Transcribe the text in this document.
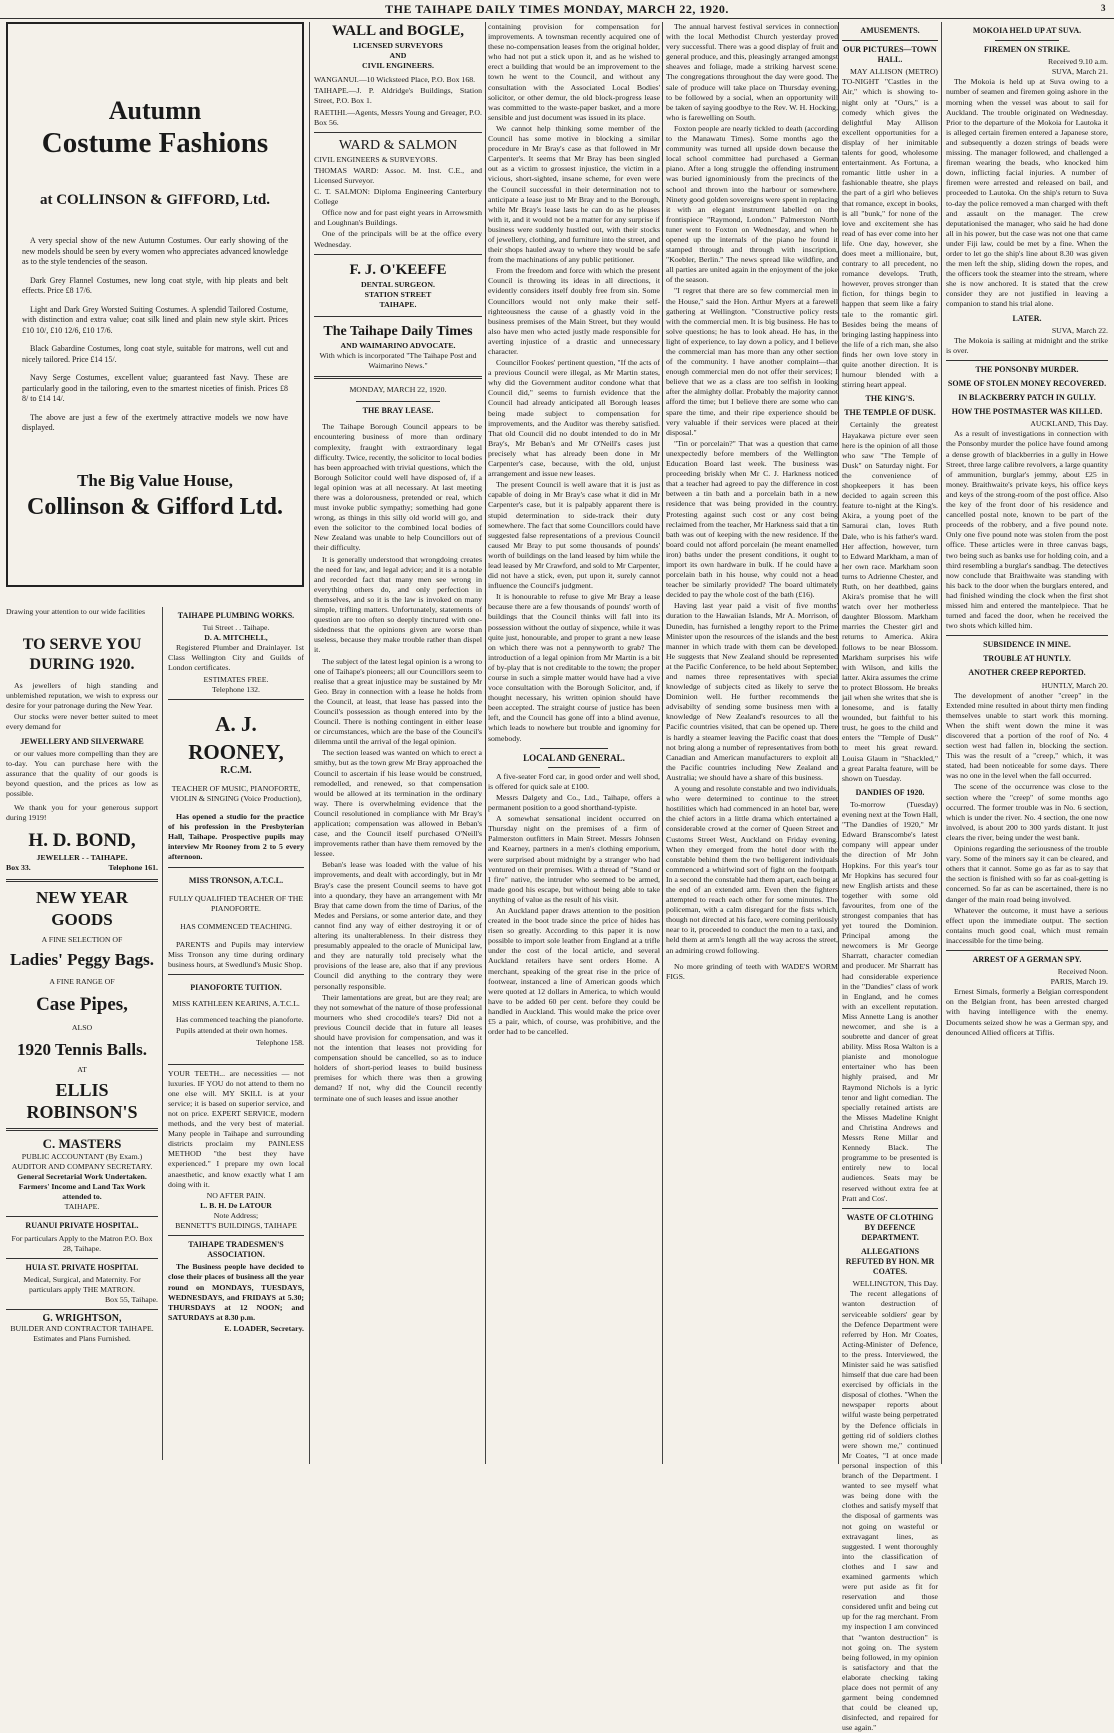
THE TAIHAPE DAILY TIMES MONDAY, MARCH 22, 1920.	3
Autumn
Costume Fashions
at COLLINSON & GIFFORD, Ltd.

A very special show of the new Autumn Costumes. Our early showing of the new models should be seen by every women who appreciates advanced knowledge as to the style tendencies of the season.

Dark Grey Flannel Costumes, new long coat style, with hip pleats and belt effects. Price £8 17/6.

Light and Dark Grey Worsted Suiting Costumes. A splendid Tailored Costume, with distinction and extra value; coat silk lined and plain new style skirt. Prices £10 10/, £10 12/6, £10 17/6.

Black Gabardine Costumes, long coat style, suitable for matrons, well cut and nicely tailored. Price £14 15/.

Navy Serge Costumes, excellent value; guaranteed fast Navy. These are particularly good in the tailoring, even to the smartest niceties of finish. Prices £8 8/ to £14 14/.

The above are just a few of the exertmely attractive models we now have displayed.

The Big Value House,
Collinson & Gifford Ltd.

Drawing your attention to our wide facilities

TO SERVE YOU
DURING 1920.

As jewellers of high standing and unblemished reputation, we wish to express our desire for your patronage during the New Year.

Our stocks were never better suited to meet every demand for

JEWELLERY AND SILVERWARE

or our values more compelling than they are to-day. You can purchase here with the assurance that the quality of our goods is beyond question, and the prices as low as possible.

We thank you for your generous support during 1919!

H. D. BOND,
JEWELLER - - TAIHAPE.
Box 33.	Telephone 161.
NEW YEAR GOODS
A FINE SELECTION OF
Ladies' Peggy Bags.
A FINE RANGE OF
Case Pipes,
ALSO
1920 Tennis Balls.
AT
ELLIS ROBINSON'S
C. MASTERS
PUBLIC ACCOUNTANT (By Exam.) AUDITOR AND COMPANY SECRETARY.
General Secretarial Work Undertaken. Farmers' Income and Land Tax Work attended to.
TAIHAPE.
RUANUI PRIVATE HOSPITAL.
For particulars Apply to the Matron P.O. Box 28, Taihape.
HUIA ST. PRIVATE HOSPITAL
Medical, Surgical, and Maternity. For particulars apply THE MATRON.
Box 55, Taihape.
G. WRIGHTSON,
BUILDER AND CONTRACTOR TAIHAPE.
Estimates and Plans Furnished.
TAIHAPE PLUMBING WORKS.
Tui Street . . Taihape.
D. A. MITCHELL,

Registered Plumber and Drainlayer. 1st Class Wellington City and Guilds of London certificates.

ESTIMATES FREE.
Telephone 132.
A. J. ROONEY,
R.C.M.
TEACHER OF MUSIC, PIANOFORTE, VIOLIN & SINGING (Voice Production),

Has opened a studio for the practice of his profession in the Presbyterian Hall, Taihape. Prospective pupils may interview Mr Rooney from 2 to 5 every afternoon.

MISS TRONSON, A.T.C.L.
FULLY QUALIFIED TEACHER OF THE PIANOFORTE.
HAS COMMENCED TEACHING.

PARENTS and Pupils may interview Miss Tronson any time during ordinary business hours, at Swedlund's Music Shop.

PIANOFORTE TUITION.
MISS KATHLEEN KEARINS, A.T.C.L.

Has commenced teaching the pianoforte.

Pupils attended at their own homes.

Telephone 158.

YOUR TEETH... are necessities — not luxuries. IF YOU do not attend to them no one else will. MY SKILL is at your service; it is based on superior service, and not on price. EXPERT SERVICE, modern methods, and the very best of material. Many people in Taihape and surrounding districts proclaim my PAINLESS METHOD "the best they have experienced." I prepare my own local anaesthetic, and know exactly what I am doing with it.

NO AFTER PAIN.
L. B. H. De LATOUR
Note Address;
BENNETT'S BUILDINGS, TAIHAPE
TAIHAPE TRADESMEN'S ASSOCIATION.

The Business people have decided to close their places of business all the year round on MONDAYS, TUESDAYS, WEDNESDAYS, and FRIDAYS at 5.30; THURSDAYS at 12 NOON; and SATURDAYS at 8.30 p.m.

E. LOADER, Secretary.
WALL and BOGLE,
LICENSED SURVEYORS
AND
CIVIL ENGINEERS.

WANGANUI.—10 Wicksteed Place, P.O. Box 168.

TAIHAPE.—J. P. Aldridge's Buildings, Station Street, P.O. Box 1.

RAETIHI.—Agents, Messrs Young and Greager, P.O. Box 56.

WARD & SALMON

CIVIL ENGINEERS & SURVEYORS.

THOMAS WARD: Assoc. M. Inst. C.E., and Licensed Surveyor.

C. T. SALMON: Diploma Engineering Canterbury College

Office now and for past eight years in Arrowsmith and Loughnan's Buildings.

One of the principals will be at the office every Wednesday.

F. J. O'KEEFE
DENTAL SURGEON.
STATION STREET
TAIHAPE.
The Taihape Daily Times
AND WAIMARINO ADVOCATE.
With which is incorporated "The Taihape Post and Waimarino News."
MONDAY, MARCH 22, 1920.
THE BRAY LEASE.

The Taihape Borough Council appears to be encountering business of more than ordinary complexity, fraught with extraordinary legal difficulty. Twice, recently, the solicitor to local bodies has been approached with trivial questions, which the Borough Solicitor could well have disposed of, if a legal opinion was at all necessary. At last meeting there was a dolorousness, pretended or real, which must invoke public sympathy; something had gone wrong, as things in this silly old world will go, and even the solicitor to the combined local bodies of New Zealand was unable to help Councillors out of their difficulty.

It is generally understood that wrongdoing creates the need for law, and legal advice; and it is a notable and recorded fact that many men see wrong in everything others do, and only perfection in themselves, and so it is the law is invoked on many simple, trifling matters. Unfortunately, statements of question are too often so deeply tinctured with one-sidedness that the opinions given are worse than useless, because they make trouble rather than dispel it.

The subject of the latest legal opinion is a wrong to one of Taihape's pioneers; all our Councillors seem to realise that a great injustice may be sustained by Mr Geo. Bray in connection with a lease he holds from the Council, at least, that lease has passed into the Council's possession as though entered into by the Council. There is nothing contingent in either lease or circumstances, which are the base of the Council's dilemma until the arrival of the legal opinion.

The section leased was wanted on which to erect a smithy, but as the town grew Mr Bray approached the Council to ascertain if his lease would be construed, remodelled, and renewed, so that compensation would be allowed at its termination in the ordinary way. There is overwhelming evidence that the Council resolutioned in compliance with Mr Bray's application; compensation was allowed in Beban's case, and the Council itself purchased O'Neill's improvements rather than have them removed by the lessee.

Beban's lease was loaded with the value of his improvements, and dealt with accordingly, but in Mr Bray's case the present Council seems to have got into a quondary, they have an arrangement with Mr Bray that came down from the time of Darius, of the Medes and Persians, or some anterior date, and they cannot find any way of either destroying it or of altering its unalterableness. In their distress they presumably appealed to the oracle of Municipal law, and they are naturally told precisely what the provisions of the lease are, also that if any previous Council did anything to the contrary they were personally responsible.

Their lamentations are great, but are they real; are they not somewhat of the nature of those professional mourners who shed crocodile's tears? Did not a previous Council decide that in future all leases should have provision for compensation, and was it not the intention that leases not providing for compensation should be cancelled, so as to induce holders of short-period leases to build business premises for which there was then a growing demand? If not, why did the Council recently terminate one of such leases and issue another

containing provision for compensation for improvements. A townsman recently acquired one of these no-compensation leases from the original holder, who had not put a stick upon it, and as he wished to erect a building that would be an improvement to the town he went to the Council, and without any consultation with the Associated Local Bodies' solicitor, or other demur, the old block-progress lease was committed to the waste-paper basket, and a more sensible and just document was issued in its place.

We cannot help thinking some member of the Council has some motive in blocking a similar procedure in Mr Bray's case as that followed in Mr Carpenter's. It seems that Mr Bray has been singled out as a victim to grossest injustice, the victim in a vicious, short-sighted, insane scheme, for even were the Council successful in their determination not to anticipate a lease just to Mr Bray and to the Borough, while Mr Bray's lease lasts he can do as he pleases with it, and it would not be a matter for any surprise if business were suddenly hustled out, with their stocks of jewellery, clothing, and furniture into the street, and their shops hauled away to where they would be safe from the machinations of any public petitioner.

From the freedom and force with which the present Council is throwing its ideas in all directions, it evidently considers itself doubly free from sin. Some Councillors would not only make their self-righteousness the cause of a ghastly void in the business premises of the Main Street, but they would also have men who acted justly made responsible for averting injustice of a drastic and unnecessary character.

Councillor Fookes' pertinent question, "If the acts of a previous Council were illegal, as Mr Martin states, why did the Government auditor condone what that Council did," seems to furnish evidence that the Council had already anticipated all Borough leases being made subject to compensation for improvements, and the Auditor was thereby satisfied. That old Council did no doubt intended to do in Mr Bray's, Mr Beban's and Mr O'Neill's cases just precisely what has already been done in Mr Carpenter's case, because, with the old, unjust arrangement and issue new leases.

The present Council is well aware that it is just as capable of doing in Mr Bray's case what it did in Mr Carpenter's case, but it is palpably apparent there is stupid determination to side-track their duty somewhere. The fact that some Councillors could have suggested false representations of a previous Council caused Mr Bray to put some thousands of pounds' worth of buildings on the land leased by him while the lead leased by Mr Crawford, and sold to Mr Carpenter, did not have a stick, even, put upon it, surely cannot influence the Council's judgment.

It is honourable to refuse to give Mr Bray a lease because there are a few thousands of pounds' worth of buildings that the Council thinks will fall into its possession without the outlay of sixpence, while it was quite just, honourable, and proper to grant a new lease on which there was not a pennyworth to grab? The introduction of a legal opinion from Mr Martin is a bit of by-play that is not creditable to the town; the proper course in such a simple matter would have had a vive voce consultation with the Borough Solicitor, and, if thought necessary, his written opinion should have been accepted. The straight course of justice has been left, and the Council has gone off into a blind avenue, which leads to nowhere but trouble and ignominy for somebody.

LOCAL AND GENERAL.

A five-seater Ford car, in good order and well shod, is offered for quick sale at £100.

Messrs Dalgety and Co., Ltd., Taihape, offers a permanent position to a good shorthand-typiste.

A somewhat sensational incident occurred on Thursday night on the premises of a firm of Palmerston outfitters in Main Street. Messrs Johnsen and Kearney, partners in a men's clothing emporium, were surprised about midnight by a stranger who had ventured on their premises. With a thread of "Stand or I fire" native, the intruder who seemed to be armed, made good his escape, but without being able to take anything of value as the result of his visit.

An Auckland paper draws attention to the position created in the boot trade since the price of hides has risen so greatly. According to this paper it is now possible to import sole leather from England at a trifle under the cost of the local article, and several Auckland retailers have sent orders Home. A merchant, speaking of the great rise in the price of footwear, instanced a line of American goods which were quoted at 12 dollars in America, to which would have to be added 60 per cent. before they could be handled in Auckland. This would make the price over £5 a pair, which, of course, was prohibitive, and the order had to be cancelled.

The annual harvest festival services in connection with the local Methodist Church yesterday proved very successful. There was a good display of fruit and general produce, and this, pleasingly arranged amongst sheaves and foliage, made a striking harvest scene. The congregations throughout the day were good. The sale of produce will take place on Thursday evening, to be followed by a social, when an opportunity will be taken of saying goodbye to the Rev. W. H. Hocking, who is farewelling on South.

Foxton people are nearly tickled to death (according to the Manawatu Times). Some months ago the community was turned all upside down because the local school committee had purchased a German piano. After a long struggle the offending instrument was buried ignominiously from the precincts of the school and thrown into the harbour or somewhere. Ninety good golden sovereigns were spent in replacing it with an elegant instrument labelled on the frontispiece "Raymond, London." Palmerston North tuner went to Foxton on Wednesday, and when he opened up the internals of the piano he found it stamped through and through with inscription, "Koebler, Berlin." The news spread like wildfire, and all parties are united again in the enjoyment of the joke of the season.

"I regret that there are so few commercial men in the House," said the Hon. Arthur Myers at a farewell gathering at Wellington. "Constructive policy rests with the commercial men. It is big business. He has to solve questions; he has to look ahead. He has, in the light of experience, to lay down a policy, and I believe the commercial man has more than any other section of the community. I have another complaint—that enough commercial men do not offer their services; I believe that we as a class are too selfish in looking after the almighty dollar. Probably the majority cannot afford the time; but I believe there are some who can spare the time, and their ripe experience should be very valuable if their services were placed at their disposal."

"Tin or porcelain?" That was a question that came unexpectedly before members of the Wellington Education Board last week. The business was proceeding briskly when Mr C. J. Harkness noticed that a teacher had agreed to pay the difference in cost between a tin bath and a porcelain bath in a new residence that was being provided in the country. Protesting against such cost or any cost being reclaimed from the teacher, Mr Harkness said that a tin bath was out of keeping with the new residence. If the board could not afford porcelain (he meant enamelled iron) baths under the present conditions, it ought to import its own hardware in bulk. If he could have a porcelain bath in his house, why could not a head teacher be similarly provided? The board ultimately decided to pay the whole cost of the bath (£16).

Having last year paid a visit of five months' duration to the Hawaiian Islands, Mr A. Morrison, of Dunedin, has furnished a lengthy report to the Prime Minister upon the resources of the islands and the best manner in which trade with them can be developed. He suggests that New Zealand should be represented at the Pacific Conference, to be held about September, and names three representatives with special knowledge of subjects cited as likely to serve the Dominion well. He further recommends the advisabilty of sending some business men with a knowledge of New Zealand's resources to all the Pacific countries visited, that can be opened up. There is hardly a steamer leaving the Pacific coast that does not bring along a number of representatives from both Canadian and American manufacturers to exploit all the Pacific countries including New Zealand and Australia; we should have a share of this business.

A young and resolute constable and two individuals, who were determined to continue to the street hostilities which had commenced in an hotel bar, were the chief actors in a little drama which entertained a considerable crowd at the corner of Queen Street and Customs Street West, Auckland on Friday evening. When they emerged from the hotel door with the constable behind them the two belligerent individuals commenced a whirlwind sort of fight on the footpath. In a second the constable had them apart, each being at the end of an extended arm. Even then the fighters attempted to reach each other for some minutes. The policeman, with a calm disregard for the fists which, though not directed at his face, were coming perilously near to it, proceeded to conduct the men to a taxi, and held them at arm's length all the way across the street, an admiring crowd following.

No more grinding of teeth with WADE'S WORM FIGS.

AMUSEMENTS.
OUR PICTURES—TOWN HALL.

MAY ALLISON (METRO) TO-NIGHT "Castles in the Air," which is showing to-night only at "Ours," is a comedy which gives the delightful May Allison excellent opportunities for a display of her inimitable talents for good, wholesome entertainment. As Fortuna, a romantic little usher in a fashionable theatre, she plays the part of a girl who believes that romance, except in books, is all "bunk," for none of the love and excitement she has read of has ever come into her life. One day, however, she does meet a millionaire, but, contrary to all precedent, no romance develops. Truth, however, proves stronger than fiction, for things begin to happen that seem like a fairy tale to the romantic girl. Besides being the means of bringing lasting happiness into the life of a rich man, she also finds her own love story in quite another direction. It is humour blended with a stirring heart appeal.

THE KING'S.
THE TEMPLE OF DUSK.

Certainly the greatest Hayakawa picture ever seen here is the opinion of all those who saw "The Temple of Dusk" on Saturday night. For the convenience of shopkeepers it has been decided to again screen this feature to-night at the King's. Akira, a young poet of the Samurai clan, loves Ruth Dale, who is his father's ward. Her affection, however, turn to Edward Markham, a man of her own race. Markham soon turns to Adrienne Chester, and Ruth, on her deathbed, gains Akira's promise that he will watch over her motherless daughter Blossom. Markham marries the Chester girl and returns to America. Akira follows to be near Blossom. Markham surprises his wife with Wilson, and kills the latter. Akira assumes the crime to protect Blossom. He breaks jail when she writes that she is lonesome, and is fatally wounded, but faithful to his trust, he goes to the child and enters the "Temple of Dusk" to meet his great reward. Louisa Glaum in "Shackled," a great Paralta feature, will be shown on Tuesday.

DANDIES OF 1920.

To-morrow (Tuesday) evening next at the Town Hall, "The Dandies of 1920," Mr Edward Branscombe's latest company will appear under the direction of Mr John Hopkins. For this year's tour Mr Hopkins has secured four new English artists and these together with some old favourites, from one of the strongest companies that has yet toured the Dominion. Principal among the newcomers is Mr George Sharratt, character comedian and producer. Mr Sharratt has had considerable experience in the "Dandies" class of work in England, and he comes with an excellent reputation. Miss Annette Lang is another newcomer, and she is a soubrette and dancer of great ability. Miss Rosa Walton is a pianiste and monologue entertainer who has been highly praised, and Mr Raymond Nichols is a lyric tenor and light comedian. The specially retained artists are the Misses Madeline Knight and Christina Andrews and Messrs Rene Millar and Kennedy Black. The programme to be presented is entirely new to local audiences. Seats may be reserved without extra fee at Pratt and Cos'.

WASTE OF CLOTHING BY DEFENCE DEPARTMENT.
ALLEGATIONS REFUTED BY HON. MR COATES.
WELLINGTON, This Day.

The recent allegations of wanton destruction of serviceable soldiers' gear by the Defence Department were referred by Hon. Mr Coates, Acting-Minister of Defence, to the press. Interviewed, the Minister said he was satisfied himself that due care had been exercised by officials in the disposal of clothes. "When the newspaper reports about wilful waste being perpetrated by the Defence officials in getting rid of soldiers clothes were shown me," continued Mr Coates, "I at once made personal inspection of this branch of the Department. I wanted to see myself what was being done with the clothes and satisfy myself that the disposal of garments was not going on wasteful or extravagant lines, as suggested. I went thoroughly into the classification of clothes and I saw and examined garments which were put aside as fit for reservation and those considered unfit and being cut up for the rag merchant. From my inspection I am convinced that "wanton destruction" is not going on. The system being followed, in my opinion is satisfactory and that the elaborate checking taking place does not permit of any garment being condemned that could be cleaned up, disinfected, and repaired for use again."

MOKOIA HELD UP AT SUVA.
FIREMEN ON STRIKE.
Received 9.10 a.m.
SUVA, March 21.

The Mokoia is held up at Suva owing to a number of seamen and firemen going ashore in the morning when the vessel was about to sail for Auckland. The trouble originated on Wednesday. Prior to the departure of the Mokoia for Lautoka it is alleged certain firemen entered a Japanese store, and subsequently a dozen strings of beads were missing. The manager followed, and challenged a fireman wearing the beads, who knocked him down, inflicting facial injuries. A number of firemen were arrested and released on bail, and proceeded to Lautoka. On the ship's return to Suva to-day the police removed a man charged with theft and assault on the manager. The crew deputationised the manager, who said he had done all in his power, but the case was not one that came under Fiji law, could be met by a fine. When the order to let go the ship's line about 8.30 was given the men left the ship, sliding down the ropes, and the officers took the steamer into the stream, where she is now anchored. It is stated that the crew consider they are not justified in leaving a companion to stand his trial alone.

LATER.
SUVA, March 22.

The Mokoia is sailing at midnight and the strike is over.

THE PONSONBY MURDER.
SOME OF STOLEN MONEY RECOVERED.
IN BLACKBERRY PATCH IN GULLY.
HOW THE POSTMASTER WAS KILLED.
AUCKLAND, This Day.

As a result of investigations in connection with the Ponsonby murder the police have found among a dense growth of blackberries in a gully in Howe Street, three large calibre revolvers, a large quantity of ammunition, burglar's jemmy, about £25 in money. Braithwaite's private keys, his office keys and keys of the strong-room of the post office. Also the key of the front door of his residence and cancelled postal note, known to be part of the proceeds of the robbery, and a five pound note. Only one five pound note was stolen from the post office. These articles were in three canvas bags, two being such as banks use for holding coin, and a third resembling a burglar's sandbag. The detectives now conclude that Braithwaite was standing with his back to the door when the burglars entered, and had finished winding the clock when the first shot missed him and entered the mantelpiece. That he turned and faced the door, when he received the two shots which killed him.

SUBSIDENCE IN MINE.
TROUBLE AT HUNTLY.
ANOTHER CREEP REPORTED.
HUNTLY, March 20.

The development of another "creep" in the Extended mine resulted in about thirty men finding themselves unable to start work this morning. When the shift went down the mine it was discovered that a portion of the roof of No. 4 section west had fallen in, blocking the section. This was the result of a "creep," which, it was stated, had been noticeable for some days. There was no one in the level when the fall occurred.

The scene of the occurrence was close to the section where the "creep" of some months ago occurred. The former trouble was in No. 6 section, which is under the river. No. 4 section, the one now involved, is about 200 to 300 yards distant. It just clears the river, being under the west bank.

Opinions regarding the seriousness of the trouble vary. Some of the miners say it can be cleared, and others that it cannot. Some go as far as to say that the section is finished with so far as coal-getting is concerned. So far as can be ascertained, there is no danger of the main road being involved.

Whatever the outcome, it must have a serious effect upon the immediate output. The section contains much good coal, which must remain inaccessible for the time being.

ARREST OF A GERMAN SPY.
Received Noon.
PARIS, March 19.

Ernest Simals, formerly a Belgian correspondent on the Belgian front, has been arrested charged with having intelligence with the enemy. Documents seized show he was a German spy, and denounced Allied officers at Tiflis.
